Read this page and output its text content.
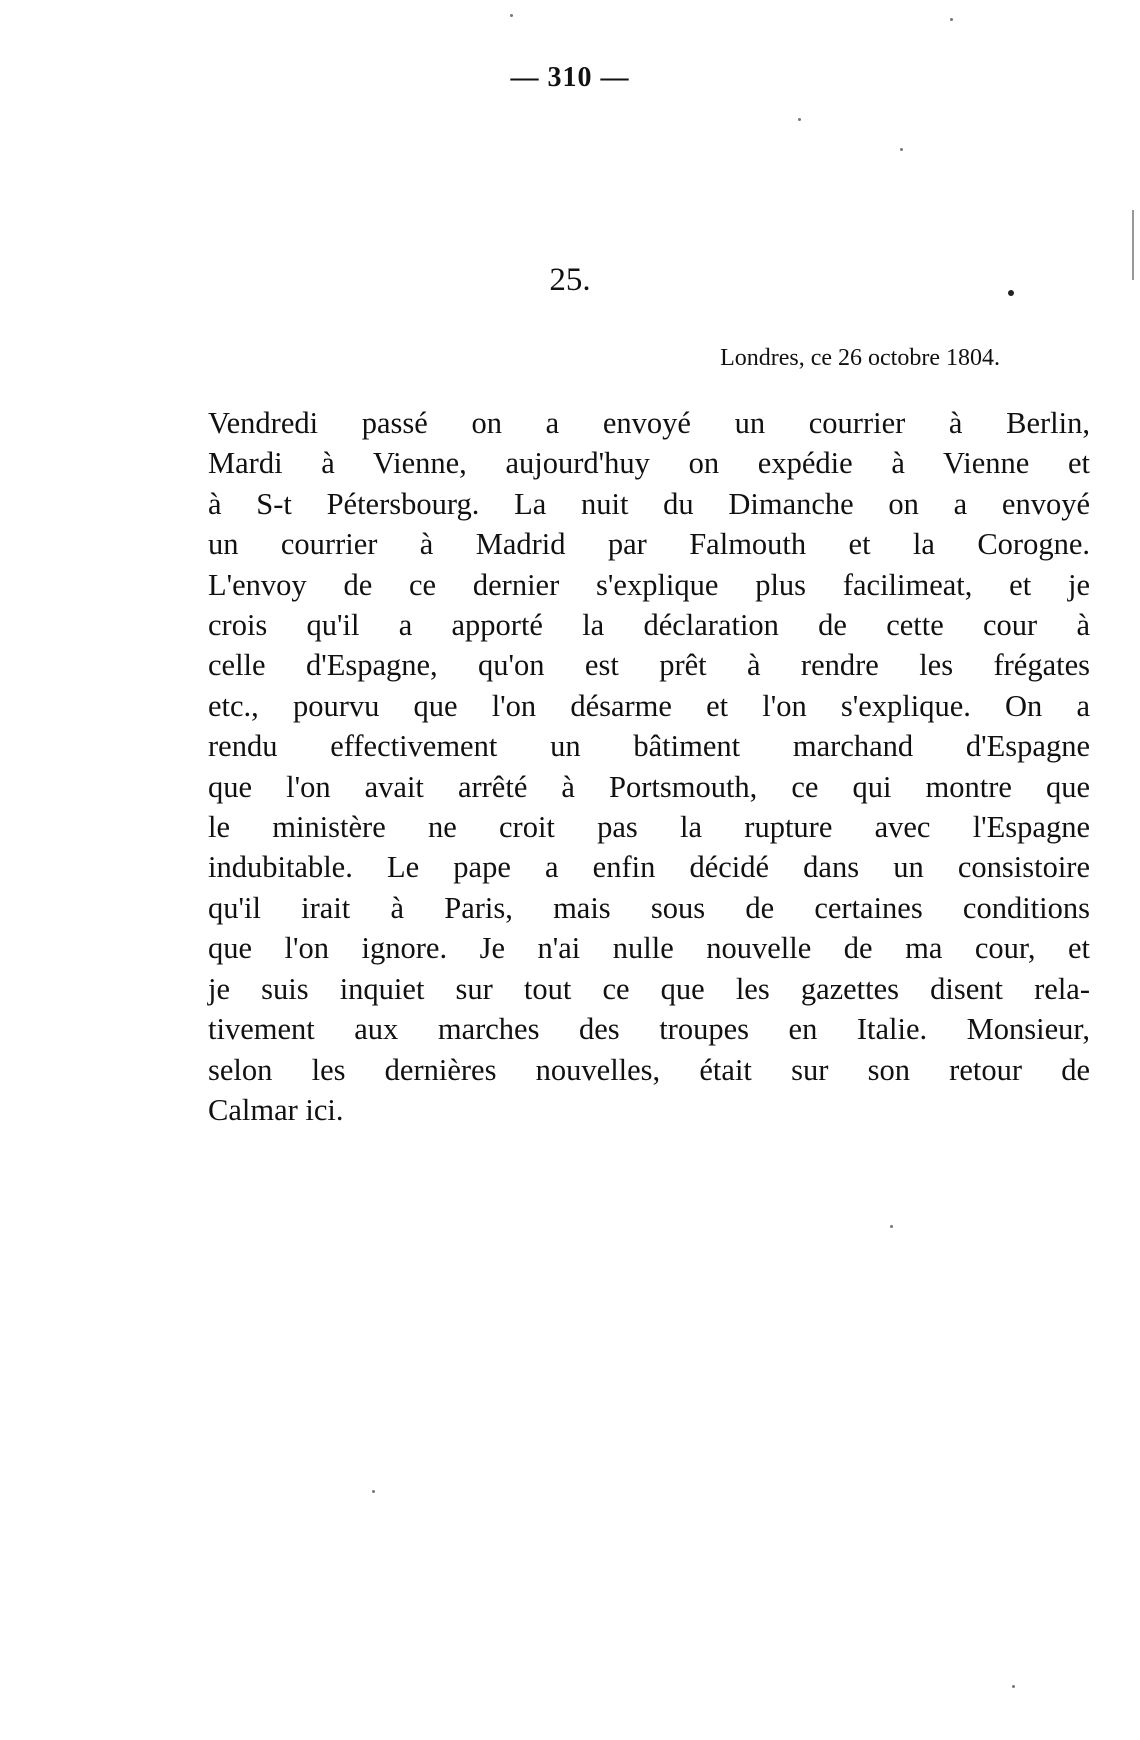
— 310 —
25.
Londres, ce 26 octobre 1804.
Vendredi passé on a envoyé un courrier à Berlin,
Mardi à Vienne, aujourd'huy on expédie à Vienne et
à S-t Pétersbourg. La nuit du Dimanche on a envoyé
un courrier à Madrid par Falmouth et la Corogne.
L'envoy de ce dernier s'explique plus facilimeat, et je
crois qu'il a apporté la déclaration de cette cour à
celle d'Espagne, qu'on est prêt à rendre les frégates
etc., pourvu que l'on désarme et l'on s'explique. On a
rendu effectivement un bâtiment marchand d'Espagne
que l'on avait arrêté à Portsmouth, ce qui montre que
le ministère ne croit pas la rupture avec l'Espagne
indubitable. Le pape a enfin décidé dans un consistoire
qu'il irait à Paris, mais sous de certaines conditions
que l'on ignore. Je n'ai nulle nouvelle de ma cour, et
je suis inquiet sur tout ce que les gazettes disent rela-
tivement aux marches des troupes en Italie. Monsieur,
selon les dernières nouvelles, était sur son retour de
Calmar ici.
